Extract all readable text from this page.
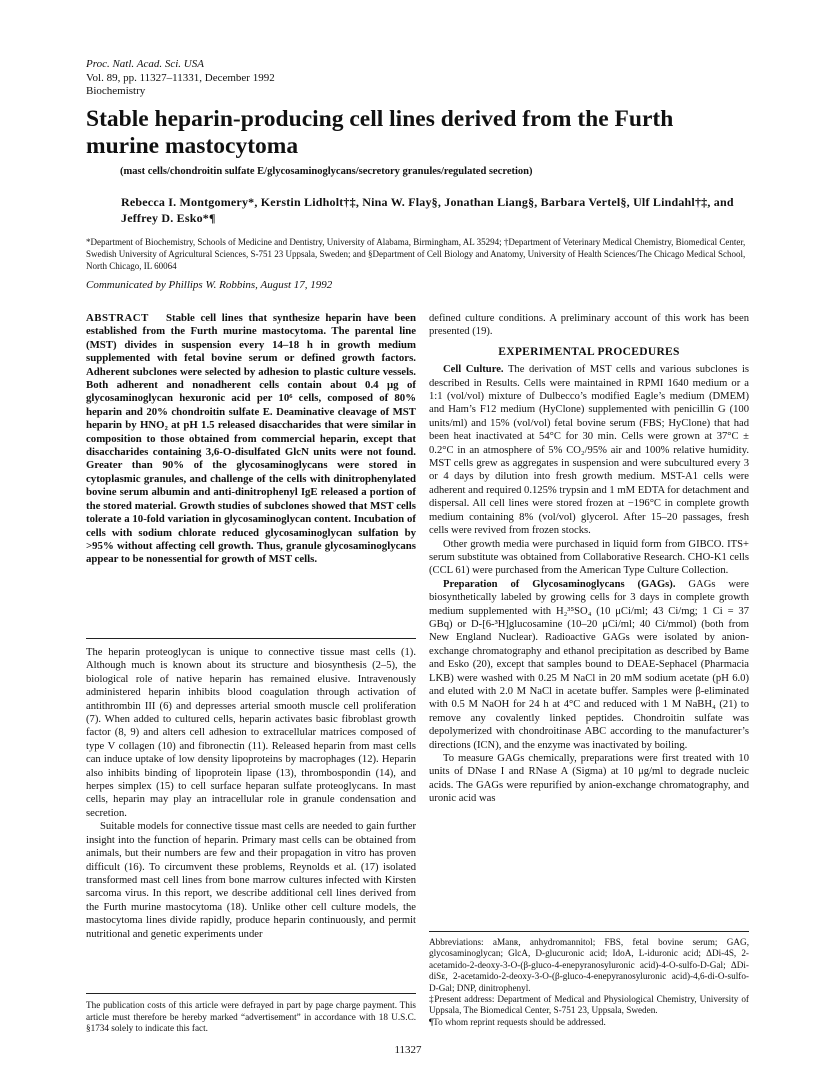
Proc. Natl. Acad. Sci. USA
Vol. 89, pp. 11327–11331, December 1992
Biochemistry
Stable heparin-producing cell lines derived from the Furth murine mastocytoma
(mast cells/chondroitin sulfate E/glycosaminoglycans/secretory granules/regulated secretion)
Rebecca I. Montgomery*, Kerstin Lidholt†‡, Nina W. Flay§, Jonathan Liang§, Barbara Vertel§, Ulf Lindahl†‡, and Jeffrey D. Esko*¶
*Department of Biochemistry, Schools of Medicine and Dentistry, University of Alabama, Birmingham, AL 35294; †Department of Veterinary Medical Chemistry, Biomedical Center, Swedish University of Agricultural Sciences, S-751 23 Uppsala, Sweden; and §Department of Cell Biology and Anatomy, University of Health Sciences/The Chicago Medical School, North Chicago, IL 60064
Communicated by Phillips W. Robbins, August 17, 1992
ABSTRACT Stable cell lines that synthesize heparin have been established from the Furth murine mastocytoma. The parental line (MST) divides in suspension every 14–18 h in growth medium supplemented with fetal bovine serum or defined growth factors. Adherent subclones were selected by adhesion to plastic culture vessels. Both adherent and nonadherent cells contain about 0.4 μg of glycosaminoglycan hexuronic acid per 10⁶ cells, composed of 80% heparin and 20% chondroitin sulfate E. Deaminative cleavage of MST heparin by HNO₂ at pH 1.5 released disaccharides that were similar in composition to those obtained from commercial heparin, except that disaccharides containing 3,6-O-disulfated GlcN units were not found. Greater than 90% of the glycosaminoglycans were stored in cytoplasmic granules, and challenge of the cells with dinitrophenylated bovine serum albumin and anti-dinitrophenyl IgE released a portion of the stored material. Growth studies of subclones showed that MST cells tolerate a 10-fold variation in glycosaminoglycan content. Incubation of cells with sodium chlorate reduced glycosaminoglycan sulfation by >95% without affecting cell growth. Thus, granule glycosaminoglycans appear to be nonessential for growth of MST cells.

The heparin proteoglycan is unique to connective tissue mast cells (1). Although much is known about its structure and biosynthesis (2–5), the biological role of native heparin has remained elusive. Intravenously administered heparin inhibits blood coagulation through activation of antithrombin III (6) and depresses arterial smooth muscle cell proliferation (7). When added to cultured cells, heparin activates basic fibroblast growth factor (8, 9) and alters cell adhesion to extracellular matrices composed of type V collagen (10) and fibronectin (11). Released heparin from mast cells can induce uptake of low density lipoproteins by macrophages (12). Heparin also inhibits binding of lipoprotein lipase (13), thrombospondin (14), and herpes simplex (15) to cell surface heparan sulfate proteoglycans. In mast cells, heparin may play an intracellular role in granule condensation and secretion.

Suitable models for connective tissue mast cells are needed to gain further insight into the function of heparin. Primary mast cells can be obtained from animals, but their numbers are few and their propagation in vitro has proven difficult (16). To circumvent these problems, Reynolds et al. (17) isolated transformed mast cell lines from bone marrow cultures infected with Kirsten sarcoma virus. In this report, we describe additional cell lines derived from the Furth murine mastocytoma (18). Unlike other cell culture models, the mastocytoma lines divide rapidly, produce heparin continuously, and permit nutritional and genetic experiments under

The publication costs of this article were defrayed in part by page charge payment. This article must therefore be hereby marked “advertisement” in accordance with 18 U.S.C. §1734 solely to indicate this fact.

defined culture conditions. A preliminary account of this work has been presented (19).

EXPERIMENTAL PROCEDURES

Cell Culture. The derivation of MST cells and various subclones is described in Results. Cells were maintained in RPMI 1640 medium or a 1:1 (vol/vol) mixture of Dulbecco’s modified Eagle’s medium (DMEM) and Ham’s F12 medium (HyClone) supplemented with penicillin G (100 units/ml) and 15% (vol/vol) fetal bovine serum (FBS; HyClone) that had been heat inactivated at 54°C for 30 min. Cells were grown at 37°C ± 0.2°C in an atmosphere of 5% CO₂/95% air and 100% relative humidity. MST cells grew as aggregates in suspension and were subcultured every 3 or 4 days by dilution into fresh growth medium. MST-A1 cells were adherent and required 0.125% trypsin and 1 mM EDTA for detachment and dispersal. All cell lines were stored frozen at −196°C in complete growth medium containing 8% (vol/vol) glycerol. After 15–20 passages, fresh cells were revived from frozen stocks.

Other growth media were purchased in liquid form from GIBCO. ITS+ serum substitute was obtained from Collaborative Research. CHO-K1 cells (CCL 61) were purchased from the American Type Culture Collection.

Preparation of Glycosaminoglycans (GAGs). GAGs were biosynthetically labeled by growing cells for 3 days in complete growth medium supplemented with H₂³⁵SO₄ (10 μCi/ml; 43 Ci/mg; 1 Ci = 37 GBq) or D-[6-³H]glucosamine (10–20 μCi/ml; 40 Ci/mmol) (both from New England Nuclear). Radioactive GAGs were isolated by anion-exchange chromatography and ethanol precipitation as described by Bame and Esko (20), except that samples bound to DEAE-Sephacel (Pharmacia LKB) were washed with 0.25 M NaCl in 20 mM sodium acetate (pH 6.0) and eluted with 2.0 M NaCl in acetate buffer. Samples were β-eliminated with 0.5 M NaOH for 24 h at 4°C and reduced with 1 M NaBH₄ (21) to remove any covalently linked peptides. Chondroitin sulfate was depolymerized with chondroitinase ABC according to the manufacturer’s directions (ICN), and the enzyme was inactivated by boiling.

To measure GAGs chemically, preparations were first treated with 10 units of DNase I and RNase A (Sigma) at 10 μg/ml to degrade nucleic acids. The GAGs were repurified by anion-exchange chromatography, and uronic acid was

Abbreviations: aManʀ, anhydromannitol; FBS, fetal bovine serum; GAG, glycosaminoglycan; GlcA, D-glucuronic acid; IdoA, L-iduronic acid; ΔDi-4S, 2-acetamido-2-deoxy-3-O-(β-gluco-4-enepyranosyluronic acid)-4-O-sulfo-D-Gal; ΔDi-diSᴇ, 2-acetamido-2-deoxy-3-O-(β-gluco-4-enepyranosyluronic acid)-4,6-di-O-sulfo-D-Gal; DNP, dinitrophenyl.

‡Present address: Department of Medical and Physiological Chemistry, University of Uppsala, The Biomedical Center, S-751 23, Uppsala, Sweden.

¶To whom reprint requests should be addressed.

11327
